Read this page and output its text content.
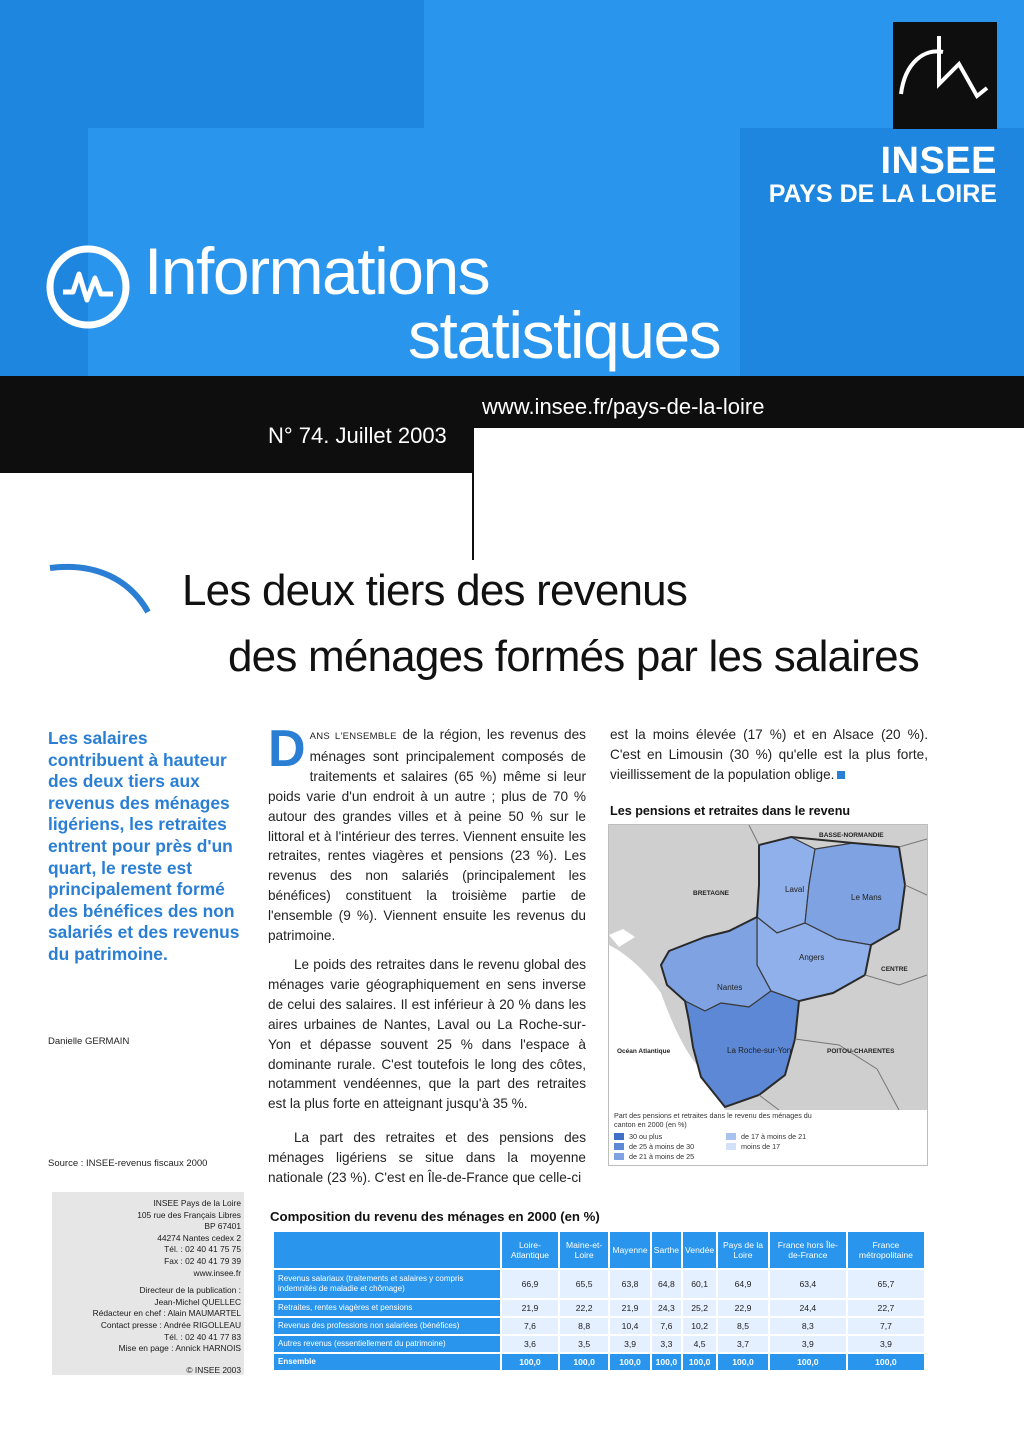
INSEE
PAYS DE LA LOIRE
Informations
statistiques
www.insee.fr/pays-de-la-loire
N° 74. Juillet 2003
Les deux tiers des revenus
des ménages formés par les salaires
Les salaires contribuent à hauteur des deux tiers aux revenus des ménages ligériens, les retraites entrent pour près d'un quart, le reste est principalement formé des bénéfices des non salariés et des revenus du patrimoine.
Danielle GERMAIN
Source : INSEE-revenus fiscaux 2000
INSEE Pays de la Loire
105 rue des Français Libres
BP 67401
44274 Nantes cedex 2
Tél. : 02 40 41 75 75
Fax : 02 40 41 79 39
www.insee.fr
Directeur de la publication :
Jean-Michel QUELLEC
Rédacteur en chef : Alain MAUMARTEL
Contact presse : Andrée RIGOLLEAU
Tél. : 02 40 41 77 83
Mise en page : Annick HARNOIS
© INSEE 2003

DANS L'ENSEMBLE de la région, les revenus des ménages sont principalement composés de traitements et salaires (65 %) même si leur poids varie d'un endroit à un autre ; plus de 70 % autour des grandes villes et à peine 50 % sur le littoral et à l'intérieur des terres. Viennent ensuite les retraites, rentes viagères et pensions (23 %). Les revenus des non salariés (principalement les bénéfices) constituent la troisième partie de l'ensemble (9 %). Viennent ensuite les revenus du patrimoine.

Le poids des retraites dans le revenu global des ménages varie géographiquement en sens inverse de celui des salaires. Il est inférieur à 20 % dans les aires urbaines de Nantes, Laval ou La Roche-sur-Yon et dépasse souvent 25 % dans l'espace à dominante rurale. C'est toutefois le long des côtes, notamment vendéennes, que la part des retraites est la plus forte en atteignant jusqu'à 35 %.

La part des retraites et des pensions des ménages ligériens se situe dans la moyenne nationale (23 %). C'est en Île-de-France que celle-ci

est la moins élevée (17 %) et en Alsace (20 %). C'est en Limousin (30 %) qu'elle est la plus forte, vieillissement de la population oblige.

Les pensions et retraites dans le revenu
Laval
Le Mans
Angers
Nantes
La Roche-sur-Yon
BASSE-NORMANDIE
BRETAGNE
CENTRE
POITOU-CHARENTES
Océan Atlantique
Part des pensions et retraites dans le revenu des ménages du canton en 2000 (en %)
30 ou plus	de 17 à moins de 21
de 25 à moins de 30	moins de 17
de 21 à moins de 25
Composition du revenu des ménages en 2000 (en %)
	Loire-Atlantique	Maine-et-Loire	Mayenne	Sarthe	Vendée	Pays de la Loire	France hors Île-de-France	France métropolitaine
Revenus salariaux (traitements et salaires y compris indemnités de maladie et chômage)	66,9	65,5	63,8	64,8	60,1	64,9	63,4	65,7
Retraites, rentes viagères et pensions	21,9	22,2	21,9	24,3	25,2	22,9	24,4	22,7
Revenus des professions non salariées (bénéfices)	7,6	8,8	10,4	7,6	10,2	8,5	8,3	7,7
Autres revenus (essentiellement du patrimoine)	3,6	3,5	3,9	3,3	4,5	3,7	3,9	3,9
Ensemble	100,0	100,0	100,0	100,0	100,0	100,0	100,0	100,0
